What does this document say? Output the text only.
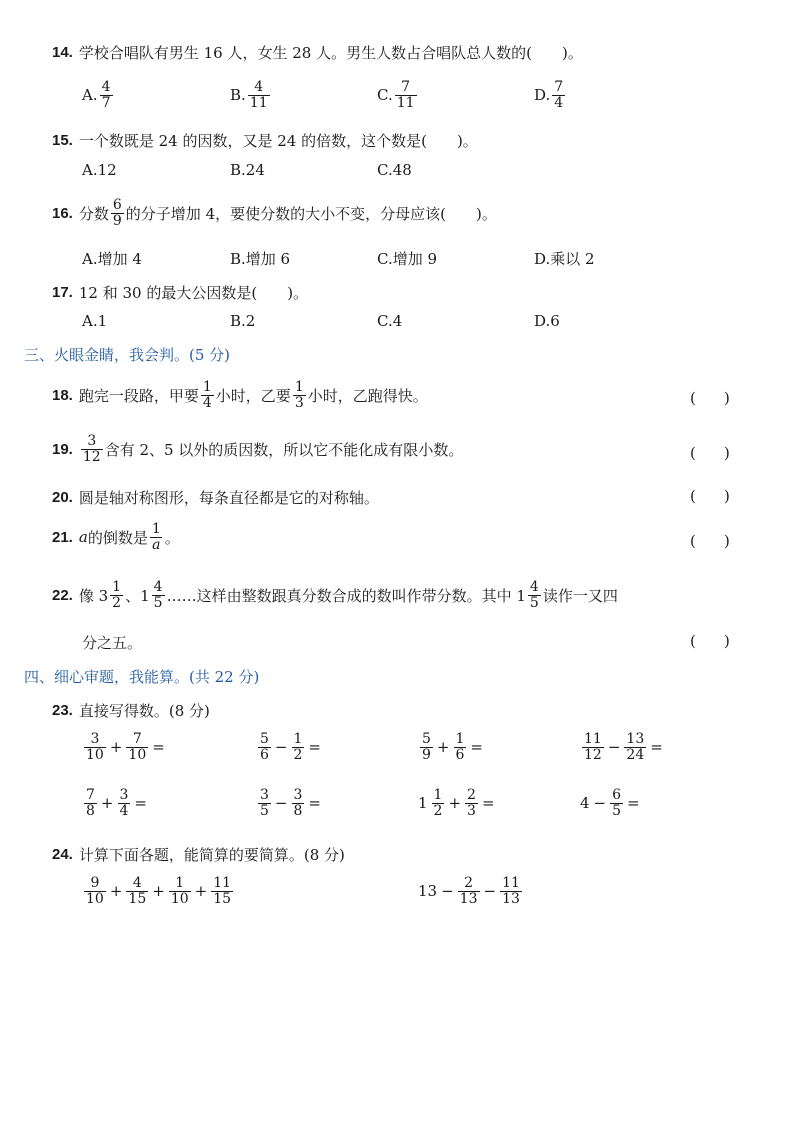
14. 学校合唱队有男生 16 人，女生 28 人。男生人数占合唱队总人数的(　　)。
A. $\frac{4}{7}$	B. $\frac{4}{11}$	C. $\frac{7}{11}$	D. $\frac{7}{4}$
15. 一个数既是 24 的因数，又是 24 的倍数，这个数是(　　)。
A.12	B.24	C.48
16. 分数 $\frac{6}{9}$ 的分子增加 4，要使分数的大小不变，分母应该(　　)。
A.增加 4	B.增加 6	C.增加 9	D.乘以 2
17. 12 和 30 的最大公因数是(　　)。
A.1	B.2	C.4	D.6
三、火眼金睛，我会判。(5 分)
18. 跑完一段路，甲要 $\frac{1}{4}$ 小时，乙要 $\frac{1}{3}$ 小时，乙跑得快。	( )
19. $\frac{3}{12}$ 含有 2、5 以外的质因数，所以它不能化成有限小数。	( )
20. 圆是轴对称图形，每条直径都是它的对称轴。	( )
21. a 的倒数是 $\frac{1}{a}$ 。	( )
22. 像 $3 \frac{1}{2}$ 、$1 \frac{4}{5}$ ……这样由整数跟真分数合成的数叫作带分数。其中 $1 \frac{4}{5}$ 读作一又四
分之五。	( )
四、细心审题，我能算。(共 22 分)
23. 直接写得数。(8 分)
$\frac{3}{10} + \frac{7}{10}$ =	$\frac{5}{6} - \frac{1}{2}$ =	$\frac{5}{9} + \frac{1}{6}$ =	$\frac{11}{12} - \frac{13}{24}$ =
$\frac{7}{8} + \frac{3}{4}$ =	$\frac{3}{5} - \frac{3}{8}$ =	$1 \frac{1}{2} + \frac{2}{3}$ =	$4 - \frac{6}{5}$ =
24. 计算下面各题，能简算的要简算。(8 分)
$\frac{9}{10} + \frac{4}{15} + \frac{1}{10} + \frac{11}{15}$	$13 - \frac{2}{13} - \frac{11}{13}$
